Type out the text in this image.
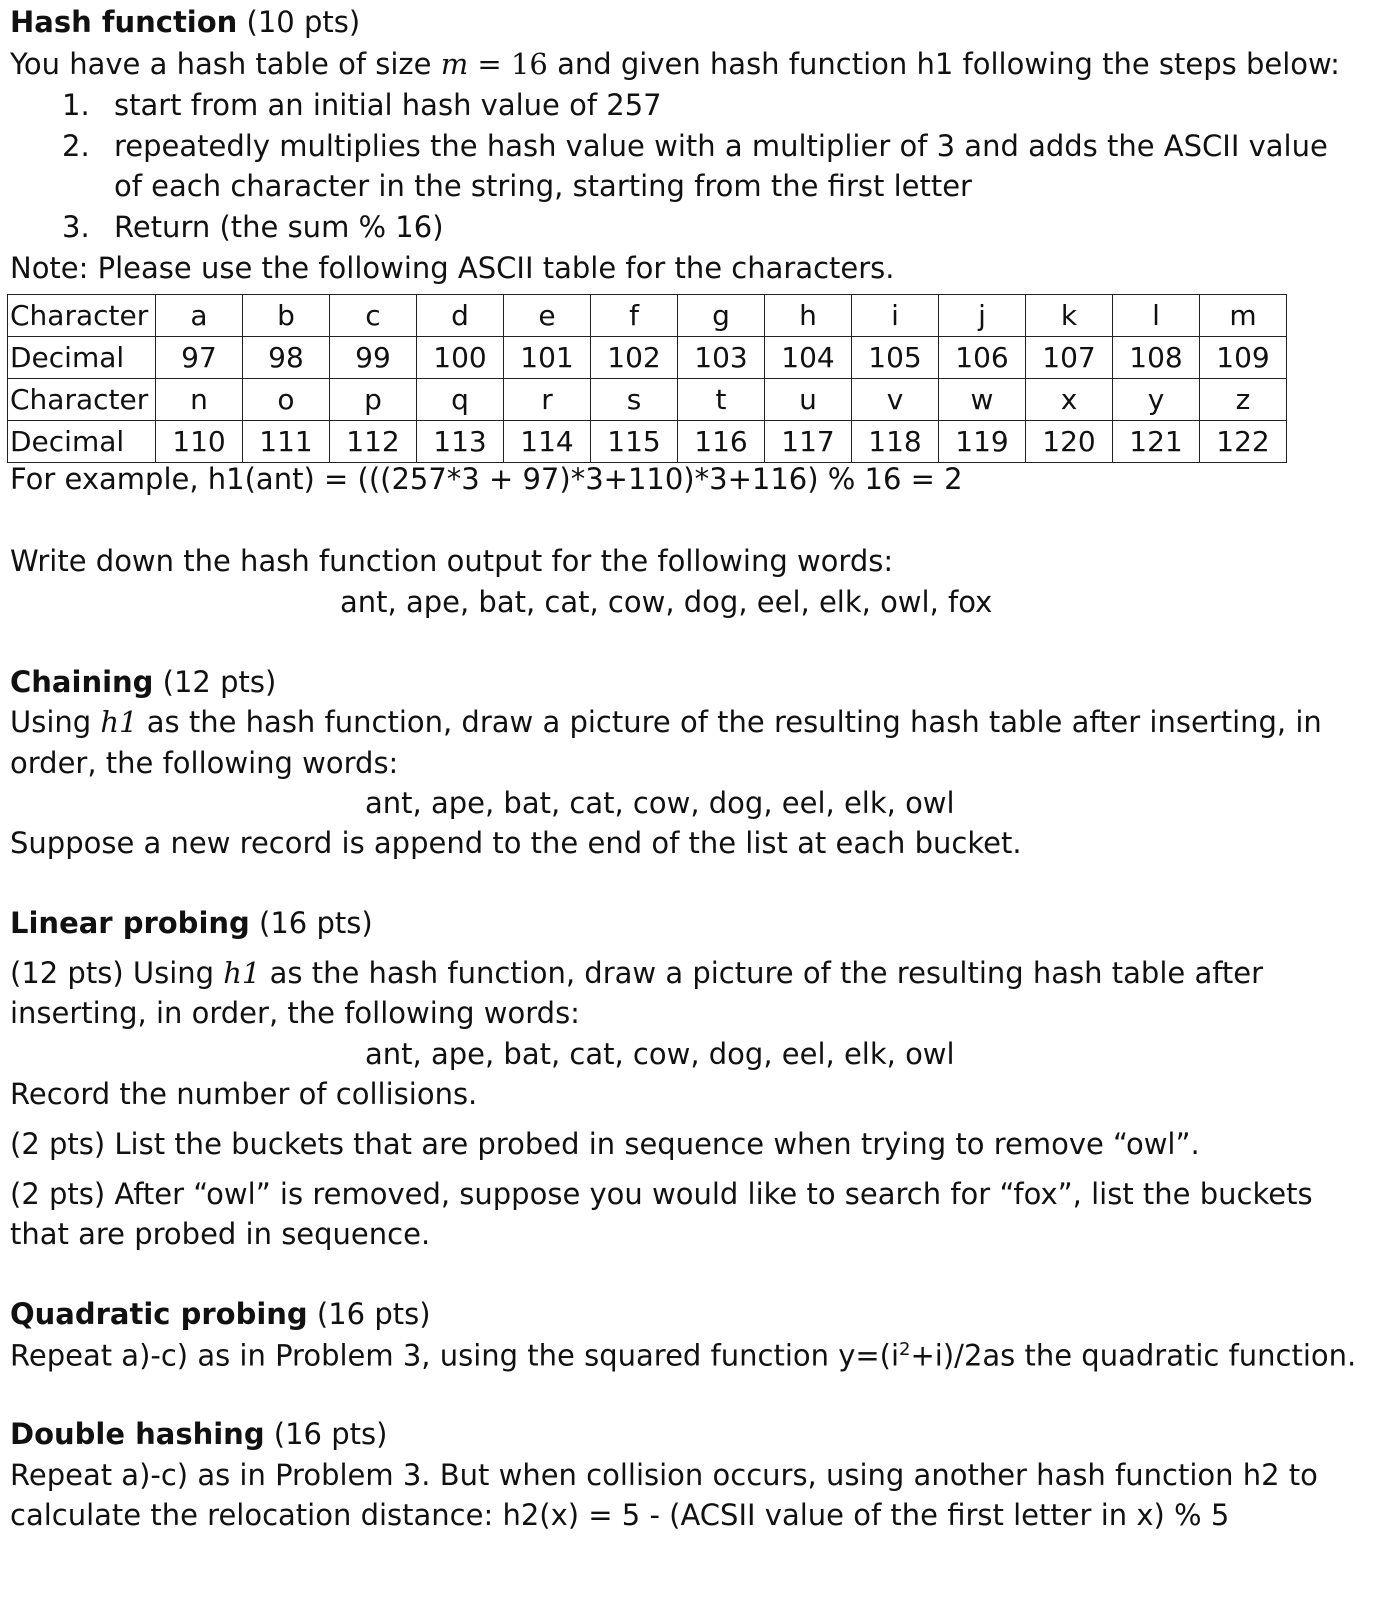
Hash function (10 pts)
You have a hash table of size m = 16 and given hash function h1 following the steps below:
1. start from an initial hash value of 257
2. repeatedly multiplies the hash value with a multiplier of 3 and adds the ASCII value
of each character in the string, starting from the first letter
3. Return (the sum % 16)
Note: Please use the following ASCII table for the characters.
Character	a	b	c	d	e	f	g	h	i	j	k	l	m
Decimal	97	98	99	100	101	102	103	104	105	106	107	108	109
Character	n	o	p	q	r	s	t	u	v	w	x	y	z
Decimal	110	111	112	113	114	115	116	117	118	119	120	121	122
For example, h1(ant) = (((257*3 + 97)*3+110)*3+116) % 16 = 2
Write down the hash function output for the following words:
ant, ape, bat, cat, cow, dog, eel, elk, owl, fox
Chaining (12 pts)
Using h1 as the hash function, draw a picture of the resulting hash table after inserting, in
order, the following words:
ant, ape, bat, cat, cow, dog, eel, elk, owl
Suppose a new record is append to the end of the list at each bucket.
Linear probing (16 pts)
(12 pts) Using h1 as the hash function, draw a picture of the resulting hash table after
inserting, in order, the following words:
ant, ape, bat, cat, cow, dog, eel, elk, owl
Record the number of collisions.
(2 pts) List the buckets that are probed in sequence when trying to remove “owl”.
(2 pts) After “owl” is removed, suppose you would like to search for “fox”, list the buckets
that are probed in sequence.
Quadratic probing (16 pts)
Repeat a)-c) as in Problem 3, using the squared function $y=(i^2+i)/2as$ the quadratic function.
Double hashing (16 pts)
Repeat a)-c) as in Problem 3. But when collision occurs, using another hash function h2 to
calculate the relocation distance: h2(x) = 5 - (ACSII value of the first letter in x) % 5
